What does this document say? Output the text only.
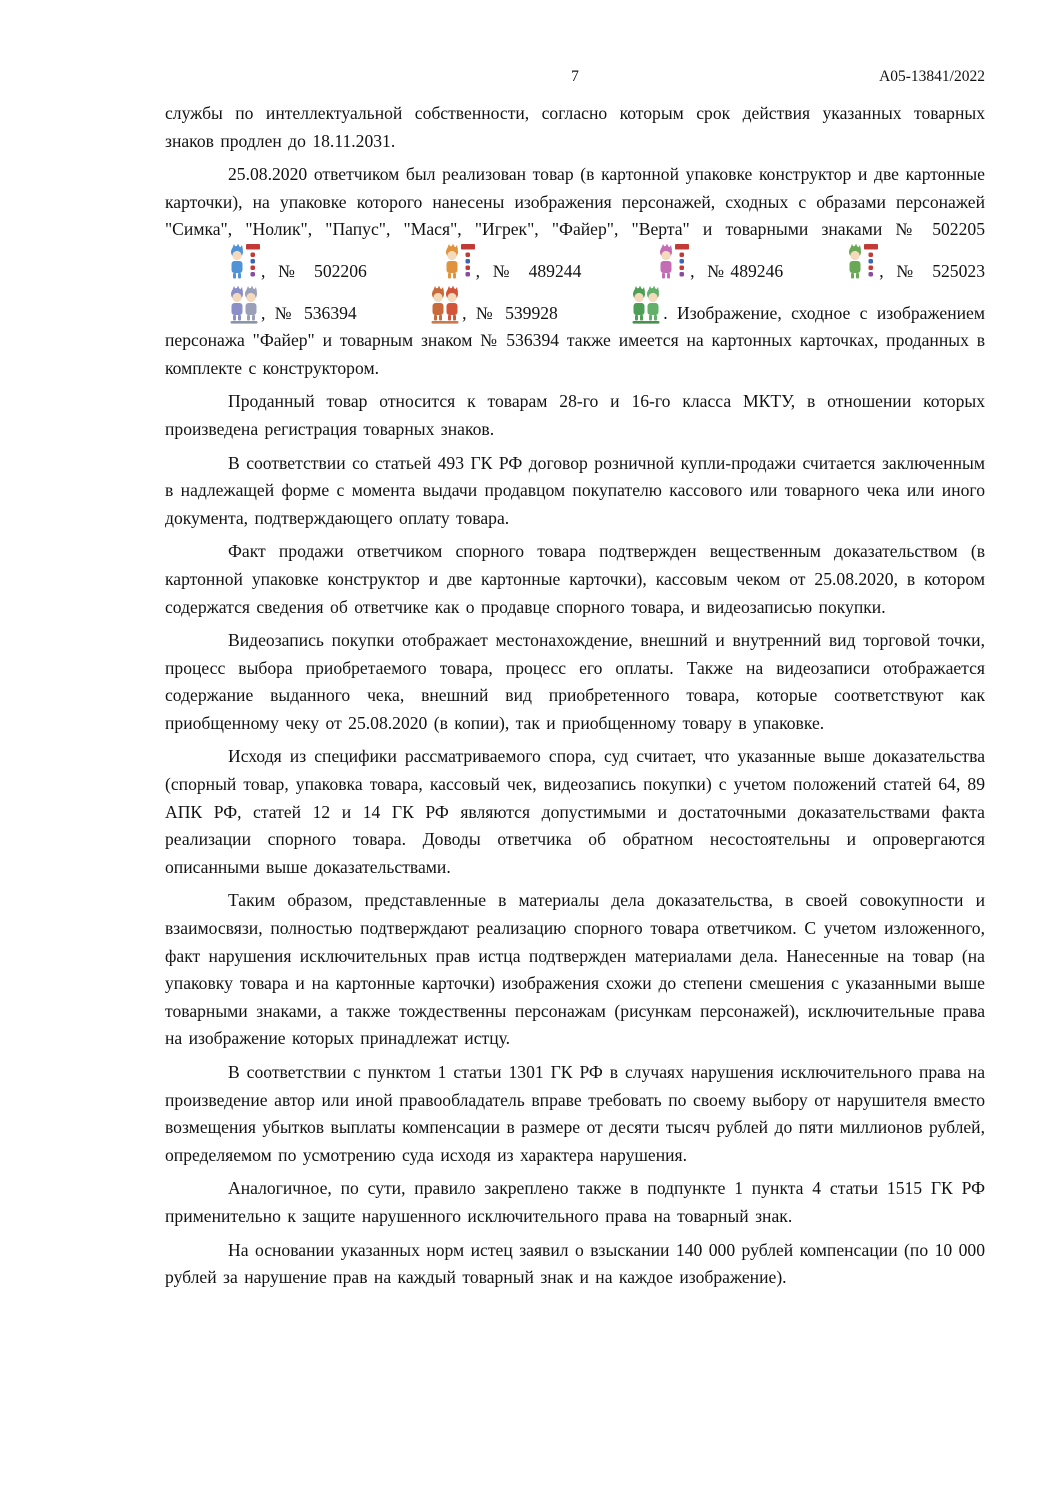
7	А05-13841/2022

службы по интеллектуальной собственности, согласно которым срок действия указанных товарных знаков продлен до 18.11.2031.

25.08.2020 ответчиком был реализован товар (в картонной упаковке конструктор и две картонные карточки), на упаковке которого нанесены изображения персонажей, сходных с образами персонажей "Симка", "Нолик", "Папус", "Мася", "Игрек", "Файер", "Верта" и товарными знаками № 502205 , № 502206	, № 489244	, №489246	, № 525023 , № 536394	, № 539928	. Изображение, сходное с изображением персонажа "Файер" и товарным знаком № 536394 также имеется на картонных карточках, проданных в комплекте с конструктором.

Проданный товар относится к товарам 28-го и 16-го класса МКТУ, в отношении которых произведена регистрация товарных знаков.

В соответствии со статьей 493 ГК РФ договор розничной купли-продажи считается заключенным в надлежащей форме с момента выдачи продавцом покупателю кассового или товарного чека или иного документа, подтверждающего оплату товара.

Факт продажи ответчиком спорного товара подтвержден вещественным доказательством (в картонной упаковке конструктор и две картонные карточки), кассовым чеком от 25.08.2020, в котором содержатся сведения об ответчике как о продавце спорного товара, и видеозаписью покупки.

Видеозапись покупки отображает местонахождение, внешний и внутренний вид торговой точки, процесс выбора приобретаемого товара, процесс его оплаты. Также на видеозаписи отображается содержание выданного чека, внешний вид приобретенного товара, которые соответствуют как приобщенному чеку от 25.08.2020 (в копии), так и приобщенному товару в упаковке.

Исходя из специфики рассматриваемого спора, суд считает, что указанные выше доказательства (спорный товар, упаковка товара, кассовый чек, видеозапись покупки) с учетом положений статей 64, 89 АПК РФ, статей 12 и 14 ГК РФ являются допустимыми и достаточными доказательствами факта реализации спорного товара. Доводы ответчика об обратном несостоятельны и опровергаются описанными выше доказательствами.

Таким образом, представленные в материалы дела доказательства, в своей совокупности и взаимосвязи, полностью подтверждают реализацию спорного товара ответчиком. С учетом изложенного, факт нарушения исключительных прав истца подтвержден материалами дела. Нанесенные на товар (на упаковку товара и на картонные карточки) изображения схожи до степени смешения с указанными выше товарными знаками, а также тождественны персонажам (рисункам персонажей), исключительные права на изображение которых принадлежат истцу.

В соответствии с пунктом 1 статьи 1301 ГК РФ в случаях нарушения исключительного права на произведение автор или иной правообладатель вправе требовать по своему выбору от нарушителя вместо возмещения убытков выплаты компенсации в размере от десяти тысяч рублей до пяти миллионов рублей, определяемом по усмотрению суда исходя из характера нарушения.

Аналогичное, по сути, правило закреплено также в подпункте 1 пункта 4 статьи 1515 ГК РФ применительно к защите нарушенного исключительного права на товарный знак.

На основании указанных норм истец заявил о взыскании 140 000 рублей компенсации (по 10 000 рублей за нарушение прав на каждый товарный знак и на каждое изображение).
